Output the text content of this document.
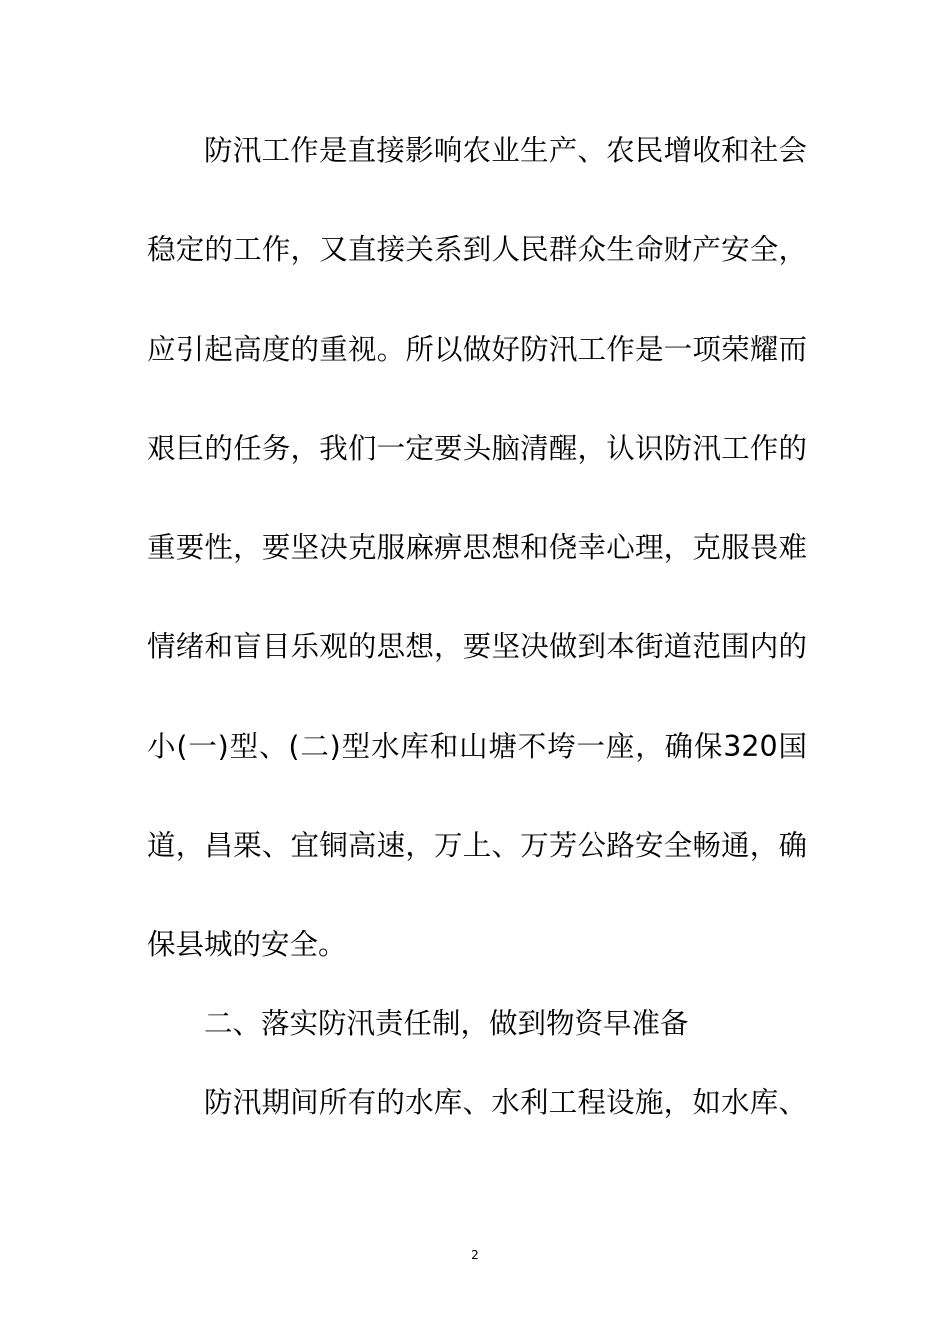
防汛工作是直接影响农业生产、农民增收和社会
稳定的工作，又直接关系到人民群众生命财产安全，
应引起高度的重视。所以做好防汛工作是一项荣耀而
艰巨的任务，我们一定要头脑清醒，认识防汛工作的
重要性，要坚决克服麻痹思想和侥幸心理，克服畏难
情绪和盲目乐观的思想，要坚决做到本街道范围内的
小(一)型、(二)型水库和山塘不垮一座，确保320国
道，昌栗、宜铜高速，万上、万芳公路安全畅通，确
保县城的安全。
二、落实防汛责任制，做到物资早准备
防汛期间所有的水库、水利工程设施，如水库、
2
